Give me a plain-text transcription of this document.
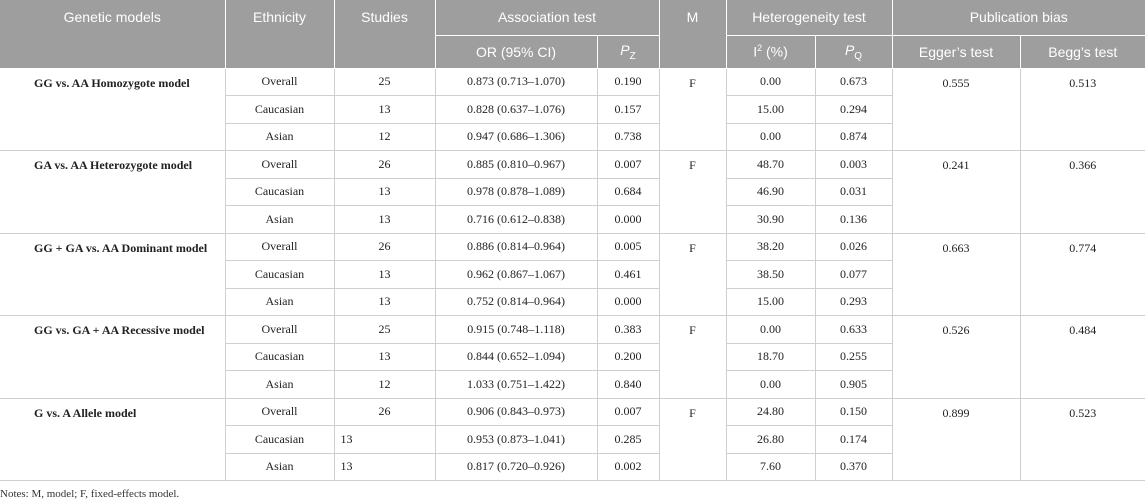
Genetic models	Ethnicity	Studies	Association test		M	Heterogeneity test		Publication bias	
			OR (95% CI)	$P_Z$		$I^2$ (%)	$P_Q$	Egger’s test	Begg’s test
GG vs. AA Homozygote model	Overall	25	0.873 (0.713–1.070)	0.190	F	0.00	0.673	0.555	0.513
	Caucasian	13	0.828 (0.637–1.076)	0.157		15.00	0.294		
	Asian	12	0.947 (0.686–1.306)	0.738		0.00	0.874		
GA vs. AA Heterozygote model	Overall	26	0.885 (0.810–0.967)	0.007	F	48.70	0.003	0.241	0.366
	Caucasian	13	0.978 (0.878–1.089)	0.684		46.90	0.031		
	Asian	13	0.716 (0.612–0.838)	0.000		30.90	0.136		
GG + GA vs. AA Dominant model	Overall	26	0.886 (0.814–0.964)	0.005	F	38.20	0.026	0.663	0.774
	Caucasian	13	0.962 (0.867–1.067)	0.461		38.50	0.077		
	Asian	13	0.752 (0.814–0.964)	0.000		15.00	0.293		
GG vs. GA + AA Recessive model	Overall	25	0.915 (0.748–1.118)	0.383	F	0.00	0.633	0.526	0.484
	Caucasian	13	0.844 (0.652–1.094)	0.200		18.70	0.255		
	Asian	12	1.033 (0.751–1.422)	0.840		0.00	0.905		
G vs. A Allele model	Overall	26	0.906 (0.843–0.973)	0.007	F	24.80	0.150	0.899	0.523
	Caucasian	13	0.953 (0.873–1.041)	0.285		26.80	0.174		
	Asian	13	0.817 (0.720–0.926)	0.002		7.60	0.370		
Notes: M, model; F, fixed-effects model.
